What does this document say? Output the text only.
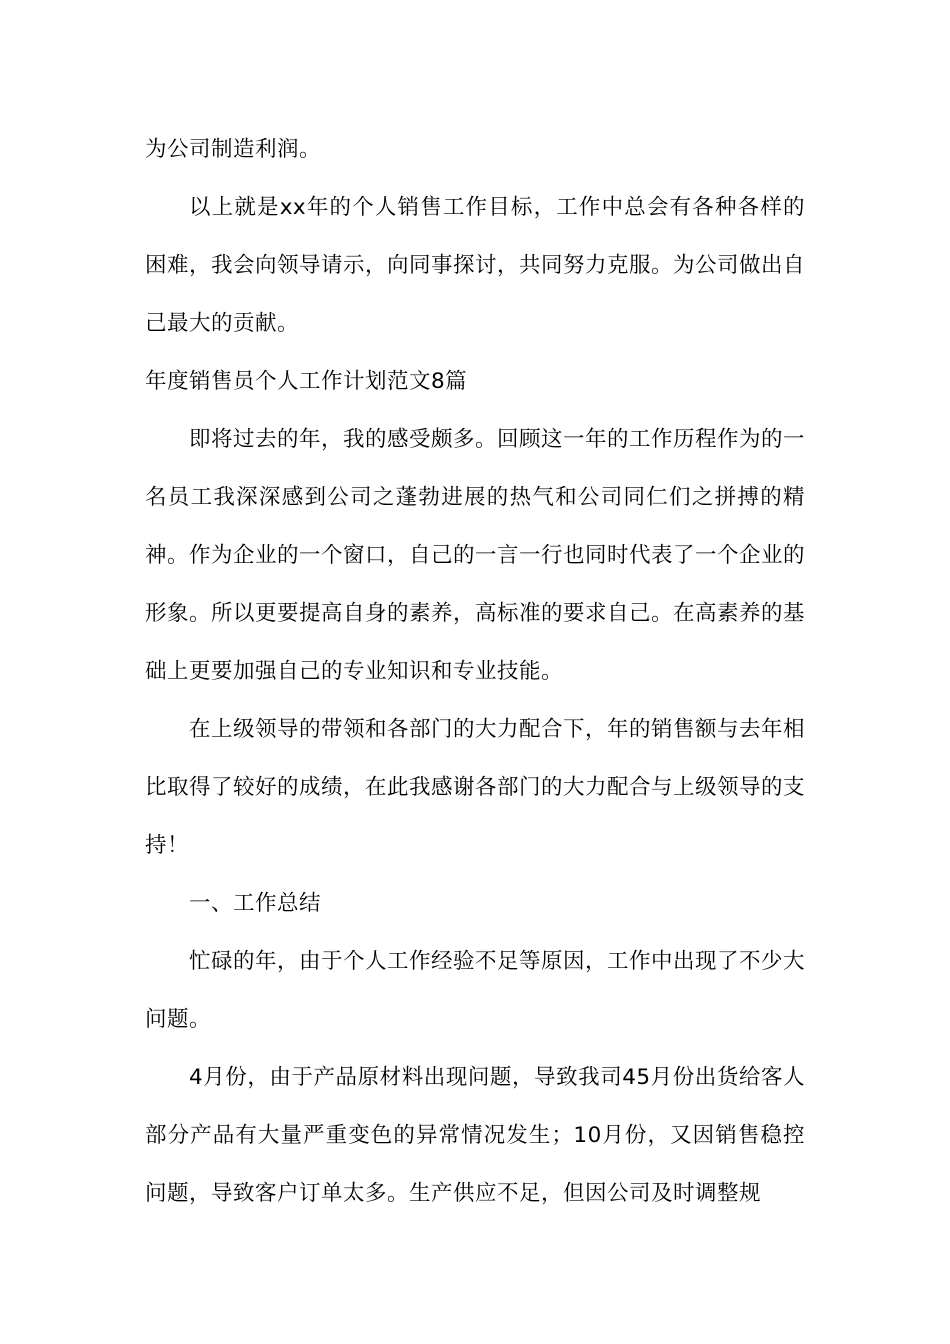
为公司制造利润。

以上就是xx年的个人销售工作目标，工作中总会有各种各样的困难，我会向领导请示，向同事探讨，共同努力克服。为公司做出自己最大的贡献。

年度销售员个人工作计划范文8篇

即将过去的年，我的感受颇多。回顾这一年的工作历程作为的一名员工我深深感到公司之蓬勃进展的热气和公司同仁们之拼搏的精神。作为企业的一个窗口，自己的一言一行也同时代表了一个企业的形象。所以更要提高自身的素养，高标准的要求自己。在高素养的基础上更要加强自己的专业知识和专业技能。

在上级领导的带领和各部门的大力配合下，年的销售额与去年相比取得了较好的成绩，在此我感谢各部门的大力配合与上级领导的支持！

一、工作总结

忙碌的年，由于个人工作经验不足等原因，工作中出现了不少大问题。

4月份，由于产品原材料出现问题，导致我司45月份出货给客人部分产品有大量严重变色的异常情况发生；10月份，又因销售稳控问题，导致客户订单太多。生产供应不足，但因公司及时调整规
